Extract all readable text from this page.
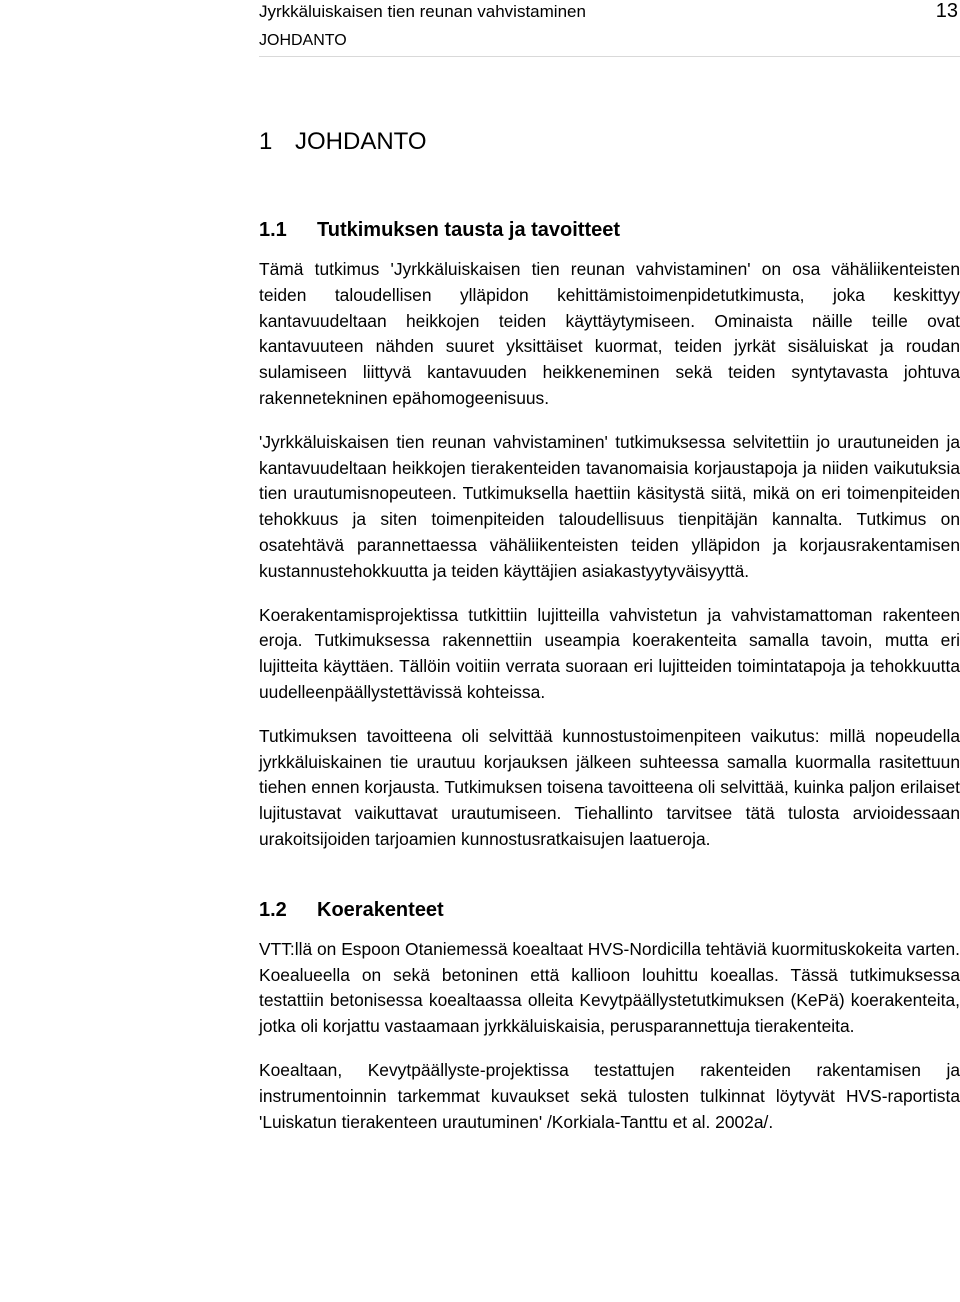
Jyrkkäluiskaisen tien reunan vahvistaminen	13
JOHDANTO
1 JOHDANTO
1.1 Tutkimuksen tausta ja tavoitteet

Tämä tutkimus 'Jyrkkäluiskaisen tien reunan vahvistaminen' on osa vähäliikenteisten teiden taloudellisen ylläpidon kehittämistoimenpidetutkimusta, joka keskittyy kantavuudeltaan heikkojen teiden käyttäytymiseen. Ominaista näille teille ovat kantavuuteen nähden suuret yksittäiset kuormat, teiden jyrkät sisäluiskat ja roudan sulamiseen liittyvä kantavuuden heikkeneminen sekä teiden syntytavasta johtuva rakennetekninen epähomogeenisuus.

'Jyrkkäluiskaisen tien reunan vahvistaminen' tutkimuksessa selvitettiin jo urautuneiden ja kantavuudeltaan heikkojen tierakenteiden tavanomaisia korjaustapoja ja niiden vaikutuksia tien urautumisnopeuteen. Tutkimuksella haettiin käsitystä siitä, mikä on eri toimenpiteiden tehokkuus ja siten toimenpiteiden taloudellisuus tienpitäjän kannalta. Tutkimus on osatehtävä parannettaessa vähäliikenteisten teiden ylläpidon ja korjausrakentamisen kustannustehokkuutta ja teiden käyttäjien asiakastyytyväisyyttä.

Koerakentamisprojektissa tutkittiin lujitteilla vahvistetun ja vahvistamattoman rakenteen eroja. Tutkimuksessa rakennettiin useampia koerakenteita samalla tavoin, mutta eri lujitteita käyttäen. Tällöin voitiin verrata suoraan eri lujitteiden toimintatapoja ja tehokkuutta uudelleenpäällystettävissä kohteissa.

Tutkimuksen tavoitteena oli selvittää kunnostustoimenpiteen vaikutus: millä nopeudella jyrkkäluiskainen tie urautuu korjauksen jälkeen suhteessa samalla kuormalla rasitettuun tiehen ennen korjausta. Tutkimuksen toisena tavoitteena oli selvittää, kuinka paljon erilaiset lujitustavat vaikuttavat urautumiseen. Tiehallinto tarvitsee tätä tulosta arvioidessaan urakoitsijoiden tarjoamien kunnostusratkaisujen laatueroja.

1.2 Koerakenteet

VTT:llä on Espoon Otaniemessä koealtaat HVS-Nordicilla tehtäviä kuormituskokeita varten. Koealueella on sekä betoninen että kallioon louhittu koeallas. Tässä tutkimuksessa testattiin betonisessa koealtaassa olleita Kevytpäällystetutkimuksen (KePä) koerakenteita, jotka oli korjattu vastaamaan jyrkkäluiskaisia, perusparannettuja tierakenteita.

Koealtaan, Kevytpäällyste-projektissa testattujen rakenteiden rakentamisen ja instrumentoinnin tarkemmat kuvaukset sekä tulosten tulkinnat löytyvät HVS-raportista 'Luiskatun tierakenteen urautuminen' /Korkiala-Tanttu et al. 2002a/.
